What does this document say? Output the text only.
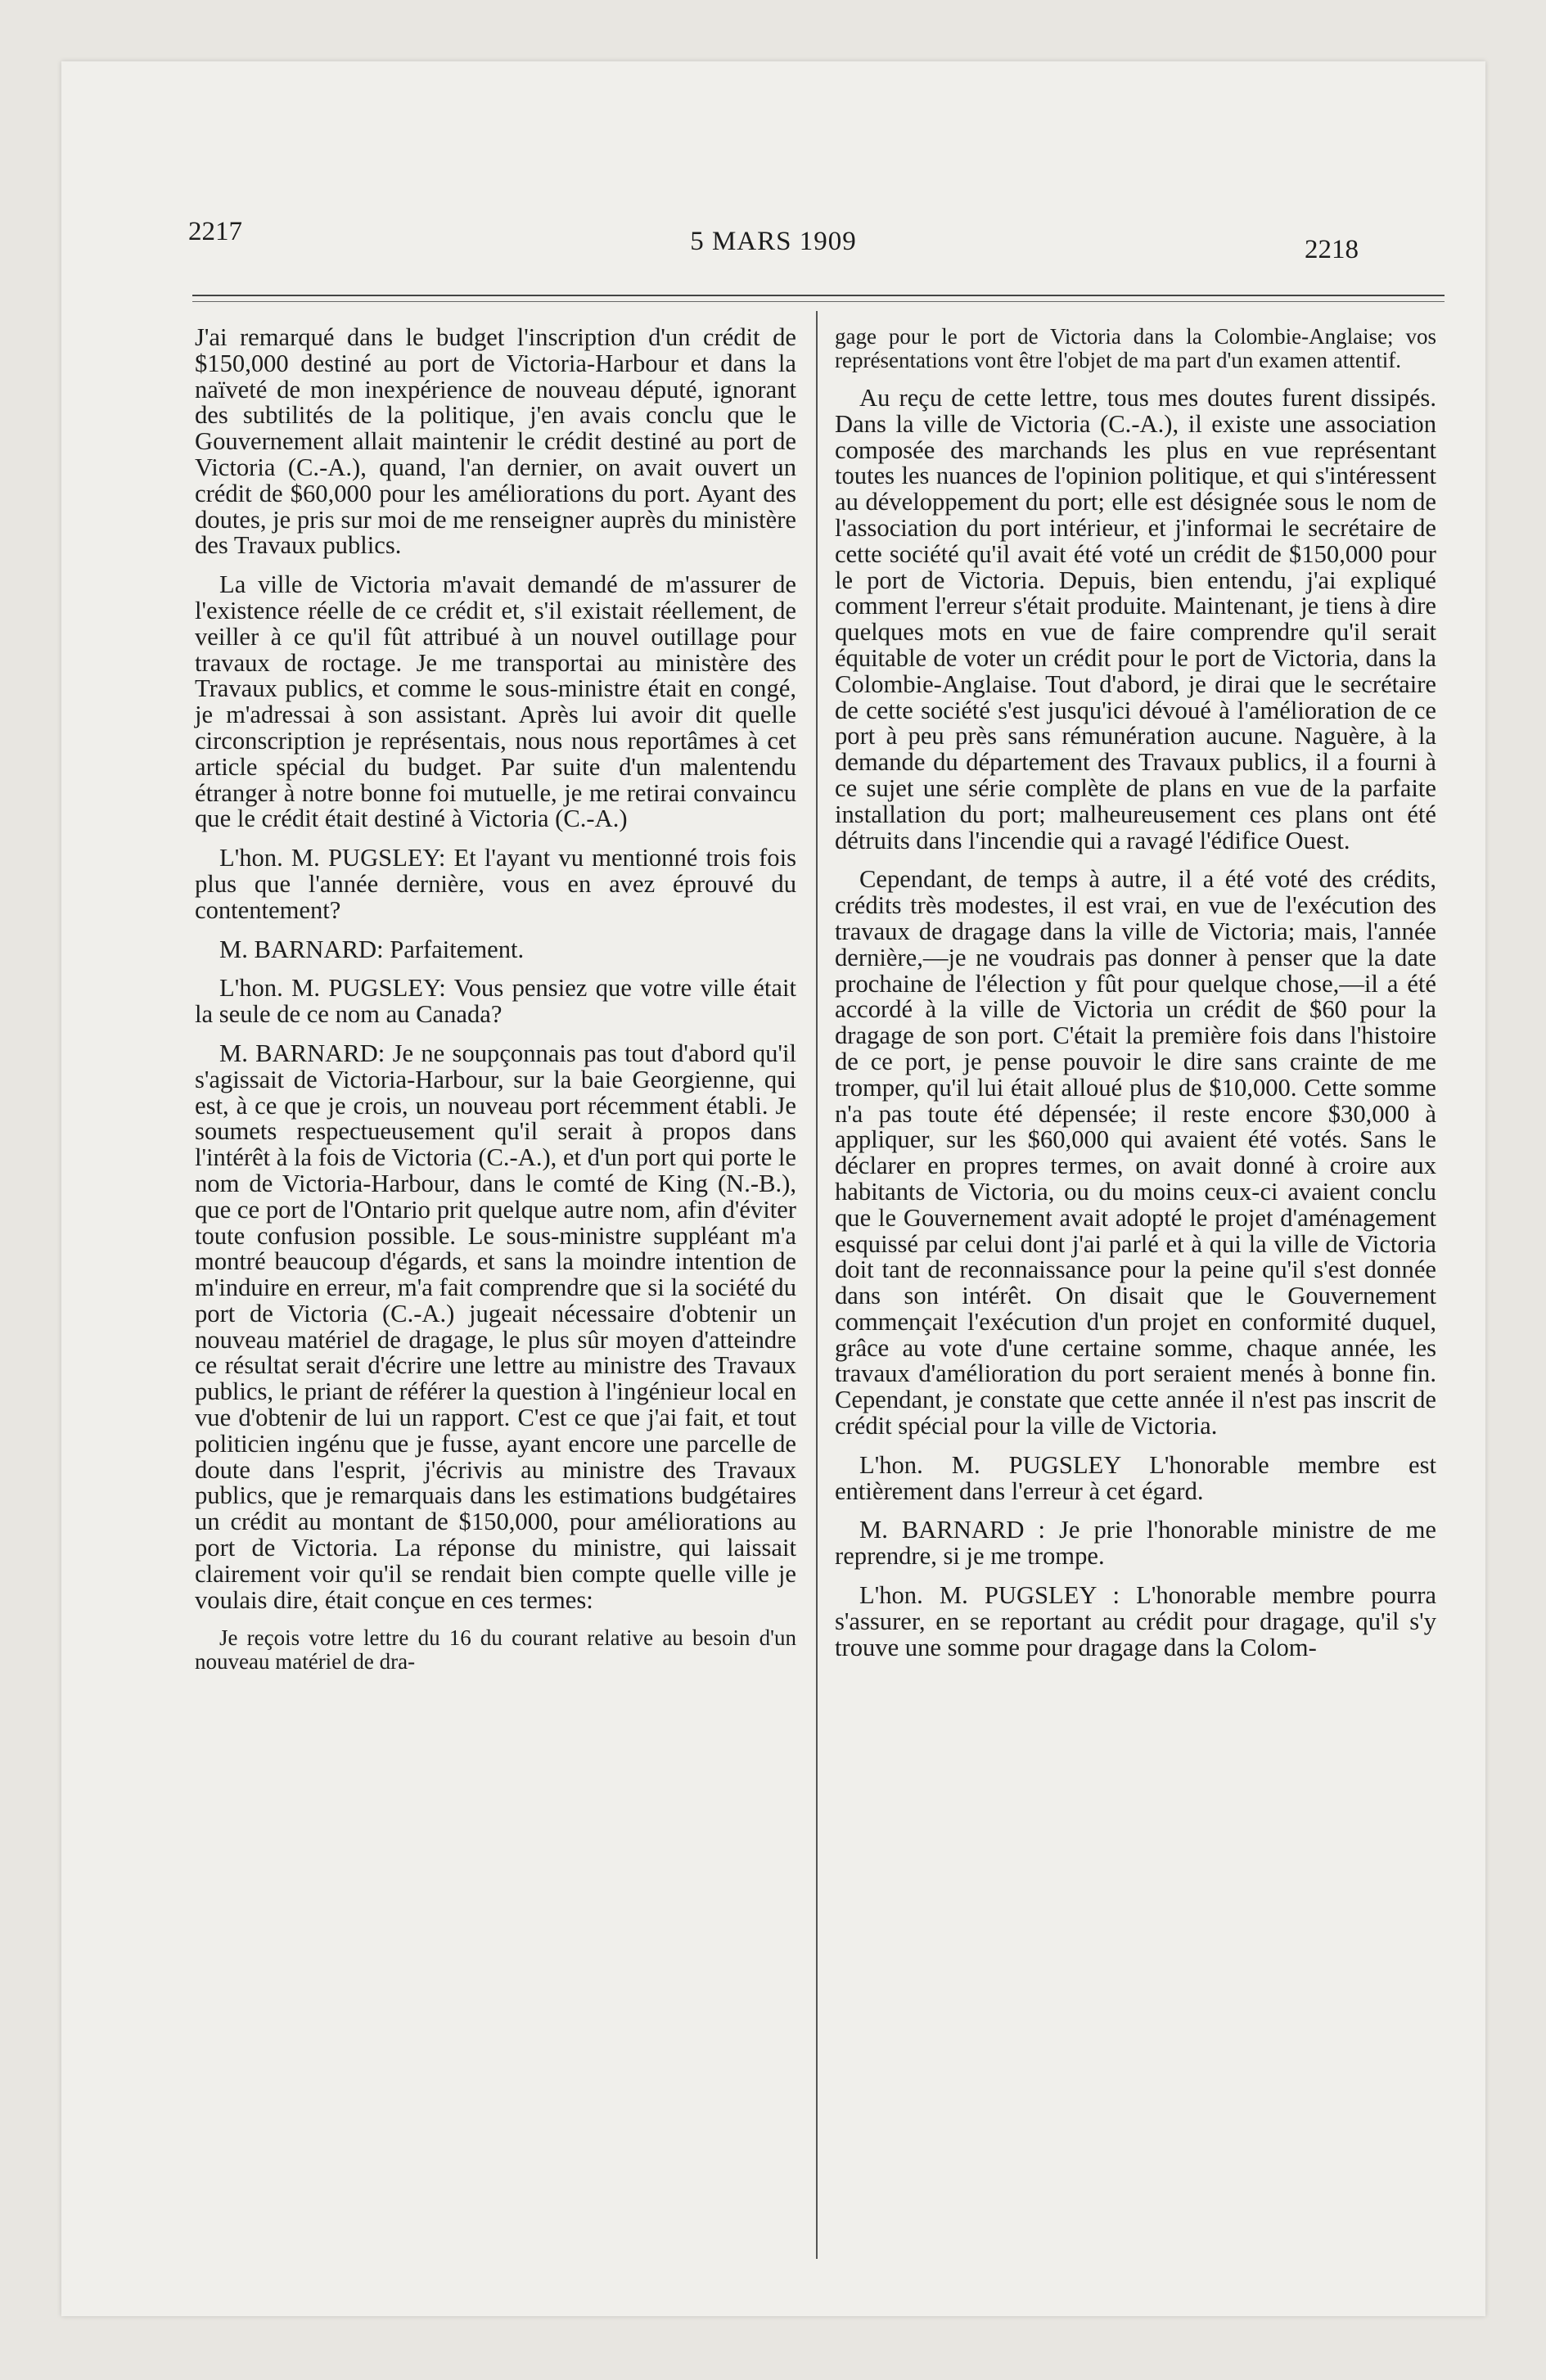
2217	5 MARS 1909	2218

J'ai remarqué dans le budget l'inscription d'un crédit de $150,000 destiné au port de Victoria-Harbour et dans la naïveté de mon inexpérience de nouveau député, ignorant des subtilités de la politique, j'en avais conclu que le Gouvernement allait maintenir le crédit destiné au port de Victoria (C.-A.), quand, l'an dernier, on avait ouvert un crédit de $60,000 pour les améliorations du port. Ayant des doutes, je pris sur moi de me renseigner auprès du ministère des Travaux publics.

La ville de Victoria m'avait demandé de m'assurer de l'existence réelle de ce crédit et, s'il existait réellement, de veiller à ce qu'il fût attribué à un nouvel outillage pour travaux de roctage. Je me transportai au ministère des Travaux publics, et comme le sous-ministre était en congé, je m'adressai à son assistant. Après lui avoir dit quelle circonscription je représentais, nous nous reportâmes à cet article spécial du budget. Par suite d'un malentendu étranger à notre bonne foi mutuelle, je me retirai convaincu que le crédit était destiné à Victoria (C.-A.)

L'hon. M. PUGSLEY: Et l'ayant vu mentionné trois fois plus que l'année dernière, vous en avez éprouvé du contentement?

M. BARNARD: Parfaitement.

L'hon. M. PUGSLEY: Vous pensiez que votre ville était la seule de ce nom au Canada?

M. BARNARD: Je ne soupçonnais pas tout d'abord qu'il s'agissait de Victoria-Harbour, sur la baie Georgienne, qui est, à ce que je crois, un nouveau port récemment établi. Je soumets respectueusement qu'il serait à propos dans l'intérêt à la fois de Victoria (C.-A.), et d'un port qui porte le nom de Victoria-Harbour, dans le comté de King (N.-B.), que ce port de l'Ontario prit quelque autre nom, afin d'éviter toute confusion possible. Le sous-ministre suppléant m'a montré beaucoup d'égards, et sans la moindre intention de m'induire en erreur, m'a fait comprendre que si la société du port de Victoria (C.-A.) jugeait nécessaire d'obtenir un nouveau matériel de dragage, le plus sûr moyen d'atteindre ce résultat serait d'écrire une lettre au ministre des Travaux publics, le priant de référer la question à l'ingénieur local en vue d'obtenir de lui un rapport. C'est ce que j'ai fait, et tout politicien ingénu que je fusse, ayant encore une parcelle de doute dans l'esprit, j'écrivis au ministre des Travaux publics, que je remarquais dans les estimations budgétaires un crédit au montant de $150,000, pour améliorations au port de Victoria. La réponse du ministre, qui laissait clairement voir qu'il se rendait bien compte quelle ville je voulais dire, était conçue en ces termes:

Je reçois votre lettre du 16 du courant relative au besoin d'un nouveau matériel de dra-

gage pour le port de Victoria dans la Colombie-Anglaise; vos représentations vont être l'objet de ma part d'un examen attentif.

Au reçu de cette lettre, tous mes doutes furent dissipés. Dans la ville de Victoria (C.-A.), il existe une association composée des marchands les plus en vue représentant toutes les nuances de l'opinion politique, et qui s'intéressent au développement du port; elle est désignée sous le nom de l'association du port intérieur, et j'informai le secrétaire de cette société qu'il avait été voté un crédit de $150,000 pour le port de Victoria. Depuis, bien entendu, j'ai expliqué comment l'erreur s'était produite. Maintenant, je tiens à dire quelques mots en vue de faire comprendre qu'il serait équitable de voter un crédit pour le port de Victoria, dans la Colombie-Anglaise. Tout d'abord, je dirai que le secrétaire de cette société s'est jusqu'ici dévoué à l'amélioration de ce port à peu près sans rémunération aucune. Naguère, à la demande du département des Travaux publics, il a fourni à ce sujet une série complète de plans en vue de la parfaite installation du port; malheureusement ces plans ont été détruits dans l'incendie qui a ravagé l'édifice Ouest.

Cependant, de temps à autre, il a été voté des crédits, crédits très modestes, il est vrai, en vue de l'exécution des travaux de dragage dans la ville de Victoria; mais, l'année dernière,—je ne voudrais pas donner à penser que la date prochaine de l'élection y fût pour quelque chose,—il a été accordé à la ville de Victoria un crédit de $60 pour la dragage de son port. C'était la première fois dans l'histoire de ce port, je pense pouvoir le dire sans crainte de me tromper, qu'il lui était alloué plus de $10,000. Cette somme n'a pas toute été dépensée; il reste encore $30,000 à appliquer, sur les $60,000 qui avaient été votés. Sans le déclarer en propres termes, on avait donné à croire aux habitants de Victoria, ou du moins ceux-ci avaient conclu que le Gouvernement avait adopté le projet d'aménagement esquissé par celui dont j'ai parlé et à qui la ville de Victoria doit tant de reconnaissance pour la peine qu'il s'est donnée dans son intérêt. On disait que le Gouvernement commençait l'exécution d'un projet en conformité duquel, grâce au vote d'une certaine somme, chaque année, les travaux d'amélioration du port seraient menés à bonne fin. Cependant, je constate que cette année il n'est pas inscrit de crédit spécial pour la ville de Victoria.

L'hon. M. PUGSLEY L'honorable membre est entièrement dans l'erreur à cet égard.

M. BARNARD : Je prie l'honorable ministre de me reprendre, si je me trompe.

L'hon. M. PUGSLEY : L'honorable membre pourra s'assurer, en se reportant au crédit pour dragage, qu'il s'y trouve une somme pour dragage dans la Colom-
